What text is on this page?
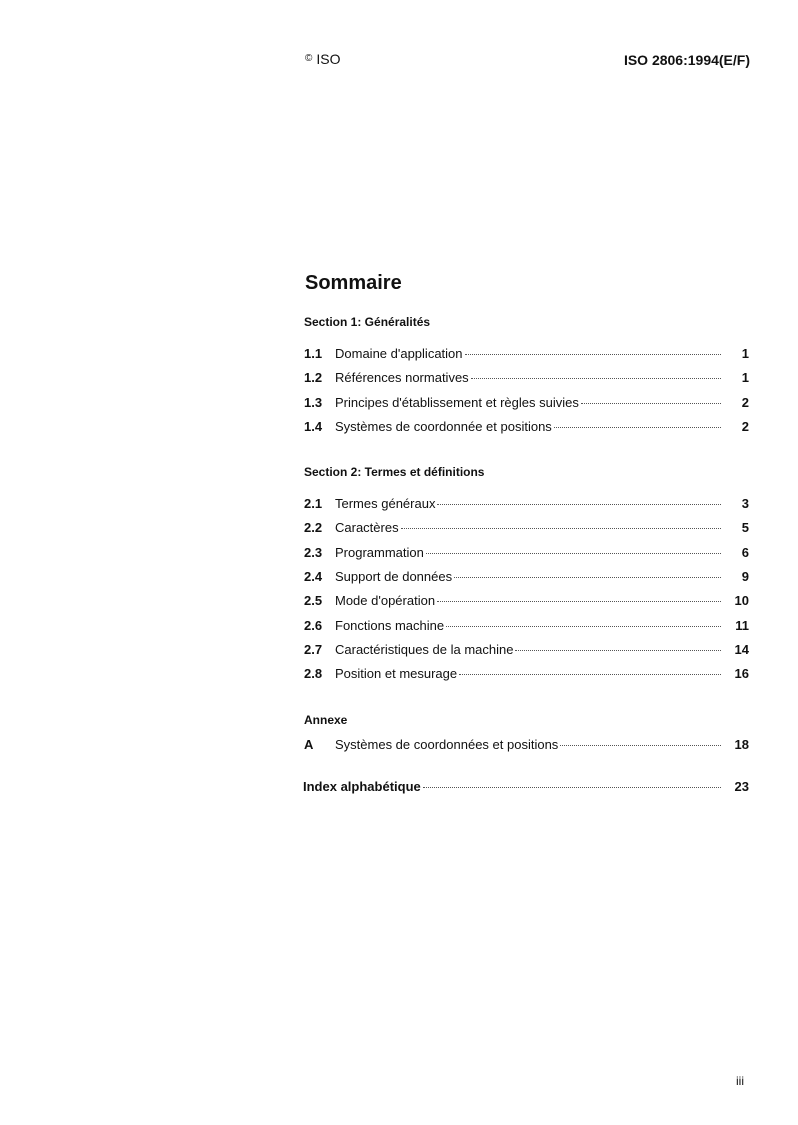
© ISO	ISO 2806:1994(E/F)
Sommaire
Section 1: Généralités
1.1 Domaine d'application	1
1.2 Références normatives	1
1.3 Principes d'établissement et règles suivies	2
1.4 Systèmes de coordonnée et positions	2
Section 2: Termes et définitions
2.1 Termes généraux	3
2.2 Caractères	5
2.3 Programmation	6
2.4 Support de données	9
2.5 Mode d'opération	10
2.6 Fonctions machine	11
2.7 Caractéristiques de la machine	14
2.8 Position et mesurage	16
Annexe
A	Systèmes de coordonnées et positions	18
Index alphabétique	23
iii
